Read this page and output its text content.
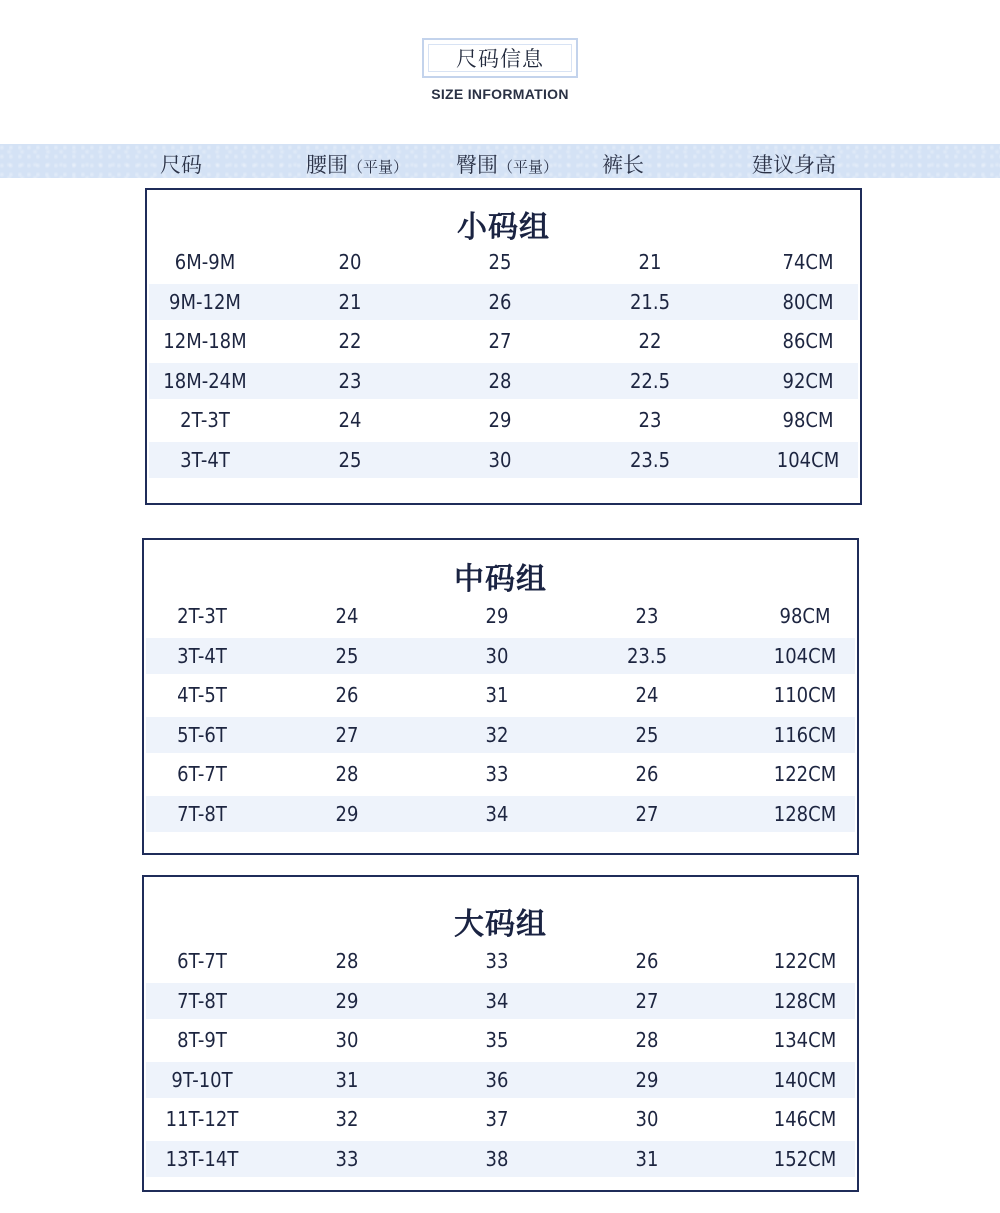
尺码信息
SIZE INFORMATION
尺码	腰围（平量） 臀围（平量） 裤长	建议身高
小码组
6M-9M	20	25	21	74CM
9M-12M	21	26	21.5	80CM
12M-18M	22	27	22	86CM
18M-24M	23	28	22.5	92CM
2T-3T	24	29	23	98CM
3T-4T	25	30	23.5	104CM
中码组
2T-3T	24	29	23	98CM
3T-4T	25	30	23.5	104CM
4T-5T	26	31	24	110CM
5T-6T	27	32	25	116CM
6T-7T	28	33	26	122CM
7T-8T	29	34	27	128CM
大码组
6T-7T	28	33	26	122CM
7T-8T	29	34	27	128CM
8T-9T	30	35	28	134CM
9T-10T	31	36	29	140CM
11T-12T	32	37	30	146CM
13T-14T	33	38	31	152CM
